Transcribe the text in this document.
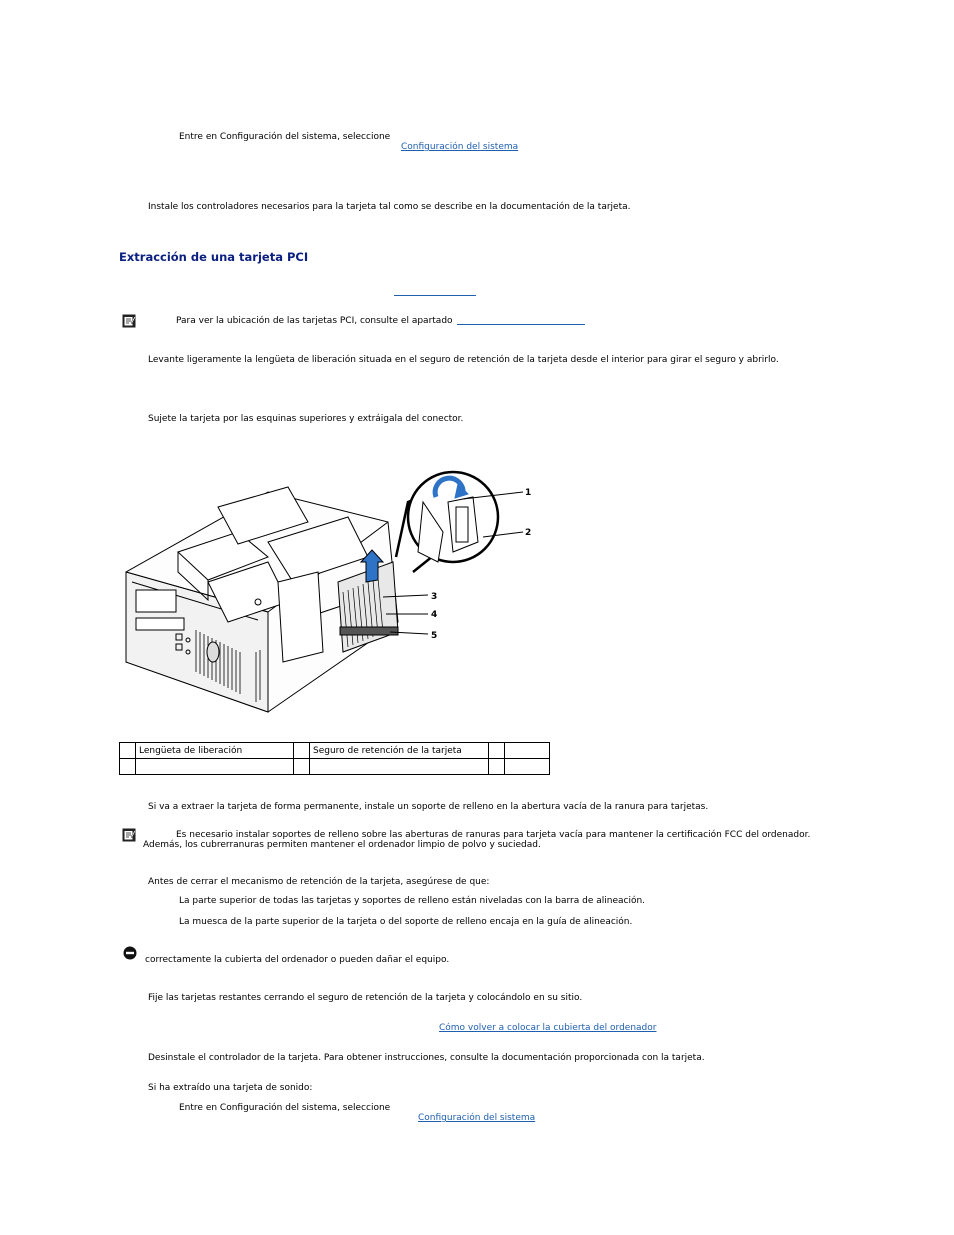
Entre en Configuración del sistema, seleccione
Configuración del sistema
Instale los controladores necesarios para la tarjeta tal como se describe en la documentación de la tarjeta.
Extracción de una tarjeta PCI
Para ver la ubicación de las tarjetas PCI, consulte el apartado
Levante ligeramente la lengüeta de liberación situada en el seguro de retención de la tarjeta desde el interior para girar el seguro y abrirlo.
Sujete la tarjeta por las esquinas superiores y extráigala del conector.
1
2
3
4
5
	Lengüeta de liberación		Seguro de retención de la tarjeta		

Si va a extraer la tarjeta de forma permanente, instale un soporte de relleno en la abertura vacía de la ranura para tarjetas.
Es necesario instalar soportes de relleno sobre las aberturas de ranuras para tarjeta vacía para mantener la certificación FCC del ordenador.
Además, los cubrerranuras permiten mantener el ordenador limpio de polvo y suciedad.
Antes de cerrar el mecanismo de retención de la tarjeta, asegúrese de que:
La parte superior de todas las tarjetas y soportes de relleno están niveladas con la barra de alineación.
La muesca de la parte superior de la tarjeta o del soporte de relleno encaja en la guía de alineación.
correctamente la cubierta del ordenador o pueden dañar el equipo.
Fije las tarjetas restantes cerrando el seguro de retención de la tarjeta y colocándolo en su sitio.
Cómo volver a colocar la cubierta del ordenador
Desinstale el controlador de la tarjeta. Para obtener instrucciones, consulte la documentación proporcionada con la tarjeta.
Si ha extraído una tarjeta de sonido:
Entre en Configuración del sistema, seleccione
Configuración del sistema
